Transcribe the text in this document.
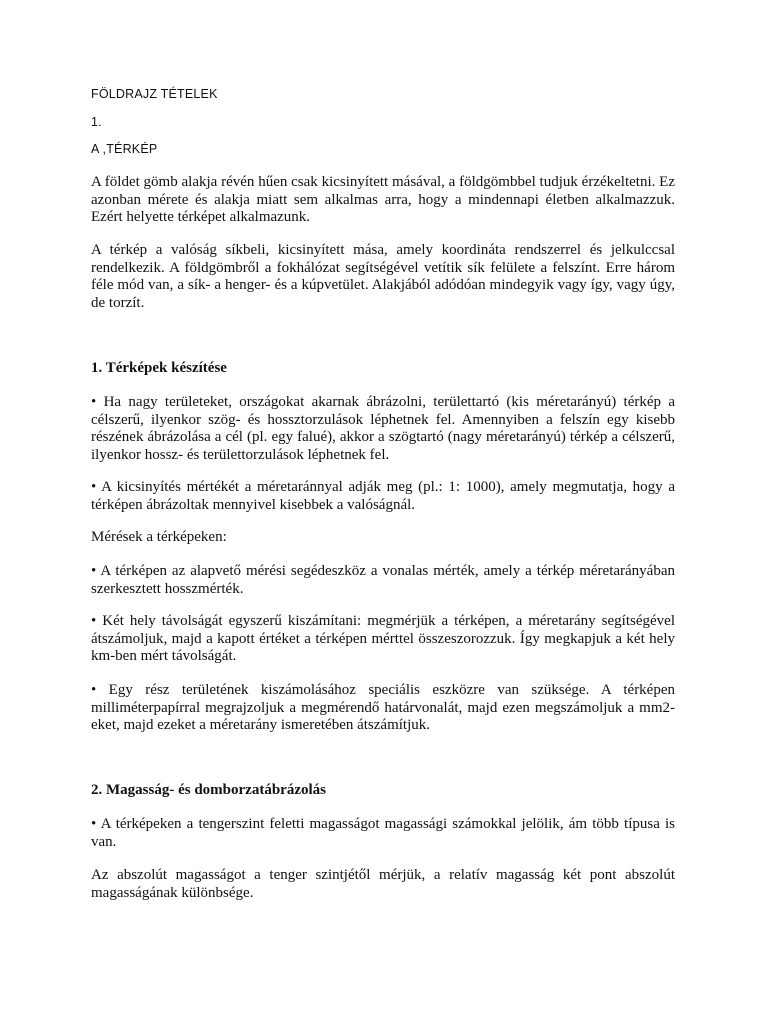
FÖLDRAJZ TÉTELEK
1.
A ,TÉRKÉP

A földet gömb alakja révén hűen csak kicsinyített másával, a földgömbbel tudjuk érzékeltetni. Ez azonban mérete és alakja miatt sem alkalmas arra, hogy a mindennapi életben alkalmazzuk. Ezért helyette térképet alkalmazunk.

A térkép a valóság síkbeli, kicsinyített mása, amely koordináta rendszerrel és jelkulccsal rendelkezik. A földgömbről a fokhálózat segítségével vetítik sík felülete a felszínt. Erre három féle mód van, a sík- a henger- és a kúpvetület. Alakjából adódóan mindegyik vagy így, vagy úgy, de torzít.

1. Térképek készítése

• Ha nagy területeket, országokat akarnak ábrázolni, területtartó (kis méretarányú) térkép a célszerű, ilyenkor szög- és hossztorzulások léphetnek fel. Amennyiben a felszín egy kisebb részének ábrázolása a cél (pl. egy falué), akkor a szögtartó (nagy méretarányú) térkép a célszerű, ilyenkor hossz- és területtorzulások léphetnek fel.

• A kicsinyítés mértékét a méretaránnyal adják meg (pl.: 1: 1000), amely megmutatja, hogy a térképen ábrázoltak mennyivel kisebbek a valóságnál.

Mérések a térképeken:

• A térképen az alapvető mérési segédeszköz a vonalas mérték, amely a térkép méretarányában szerkesztett hosszmérték.

• Két hely távolságát egyszerű kiszámítani: megmérjük a térképen, a méretarány segítségével átszámoljuk, majd a kapott értéket a térképen mérttel összeszorozzuk. Így megkapjuk a két hely km-ben mért távolságát.

• Egy rész területének kiszámolásához speciális eszközre van szüksége. A térképen milliméterpapírral megrajzoljuk a megmérendő határvonalát, majd ezen megszámoljuk a mm2-eket, majd ezeket a méretarány ismeretében átszámítjuk.

2. Magasság- és domborzatábrázolás

• A térképeken a tengerszint feletti magasságot magassági számokkal jelölik, ám több típusa is van.

Az abszolút magasságot a tenger szintjétől mérjük, a relatív magasság két pont abszolút magasságának különbsége.
